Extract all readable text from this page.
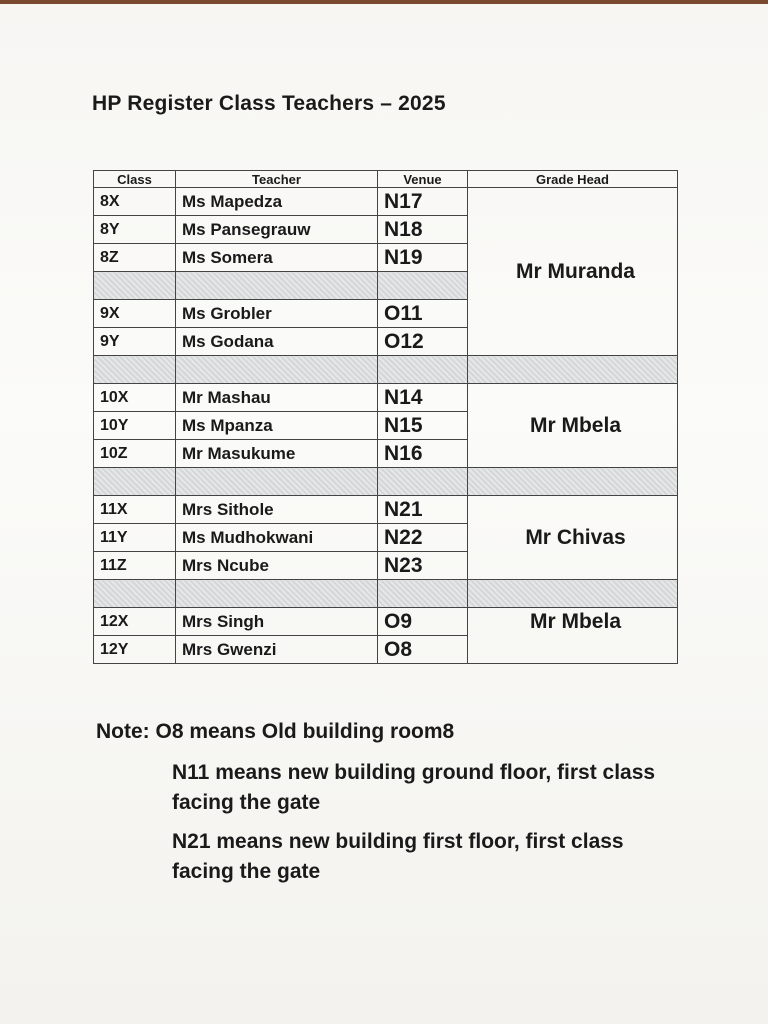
HP Register Class Teachers – 2025
Class	Teacher	Venue	Grade Head
8X	Ms Mapedza	N17	Mr Muranda
8Y	Ms Pansegrauw	N18	
8Z	Ms Somera	N19	

9X	Ms Grobler	O11	
9Y	Ms Godana	O12	

10X	Mr Mashau	N14	Mr Mbela
10Y	Ms Mpanza	N15	
10Z	Mr Masukume	N16	

11X	Mrs Sithole	N21	Mr Chivas
11Y	Ms Mudhokwani	N22	
11Z	Mrs Ncube	N23	

12X	Mrs Singh	O9	Mr Mbela
12Y	Mrs Gwenzi	O8	
Note: O8 means Old building room8
N11 means new building ground floor, first class facing the gate
N21 means new building first floor, first class facing the gate
